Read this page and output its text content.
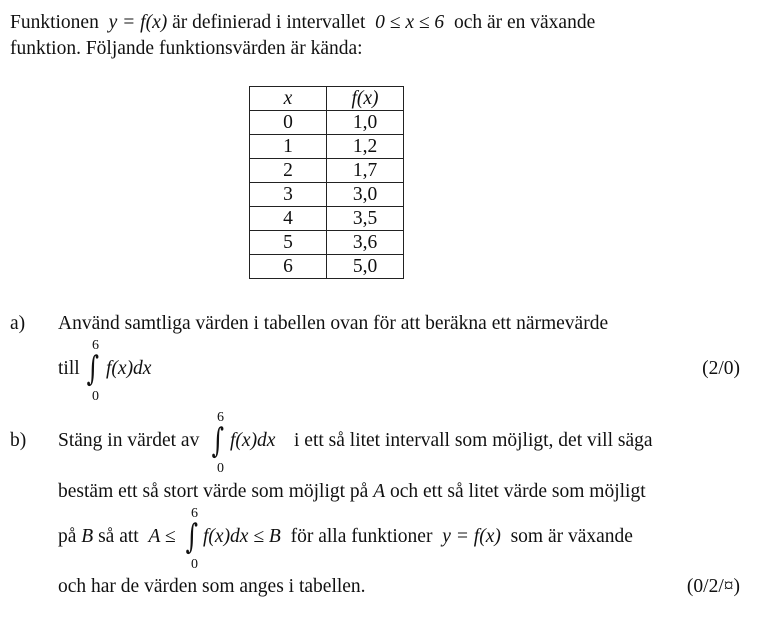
Funktionen y = f(x) är definierad i intervallet 0 ≤ x ≤ 6 och är en växande
funktion. Följande funktionsvärden är kända:
x	f(x)
0	1,0
1	1,2
2	1,7
3	3,0
4	3,5
5	3,6
6	5,0
a) Använd samtliga värden i tabellen ovan för att beräkna ett närmevärde
till
6
∫
0
f(x)dx	(2/0)
b) Stäng in värdet av
6
∫
0
f(x)dx i ett så litet intervall som möjligt, det vill säga
bestäm ett så stort värde som möjligt på A och ett så litet värde som möjligt
på B så att A ≤
6
∫
0
f(x)dx ≤ B för alla funktioner y = f(x) som är växande
och har de värden som anges i tabellen.	(0/2/¤)
